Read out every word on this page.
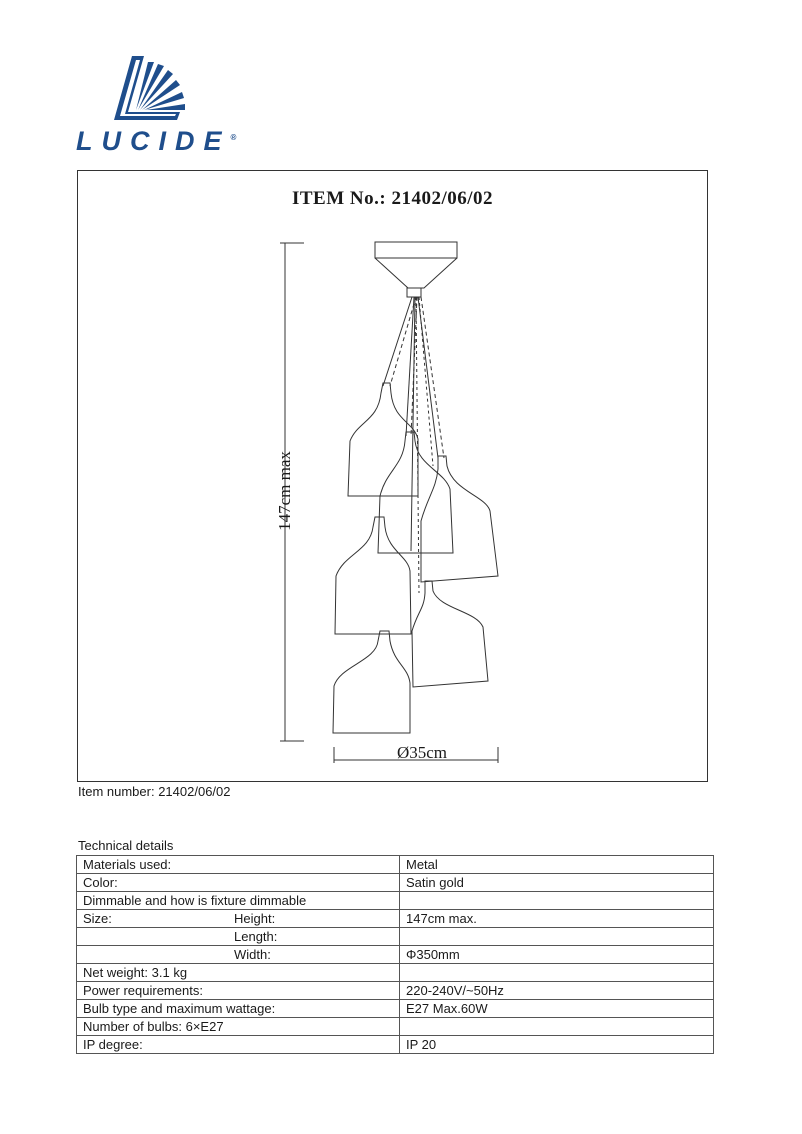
LUCIDE®
ITEM No.: 21402/06/02
147cm max
Ø35cm
Item number: 21402/06/02
Technical details
Materials used:	Metal
Color:	Satin gold
Dimmable and how is fixture dimmable	
Size: Height:	147cm max.

Length:	

Width:	Φ350mm
Net weight: 3.1 kg	
Power requirements:	220-240V/~50Hz
Bulb type and maximum wattage:	E27 Max.60W
Number of bulbs: 6×E27	
IP degree:	IP 20
